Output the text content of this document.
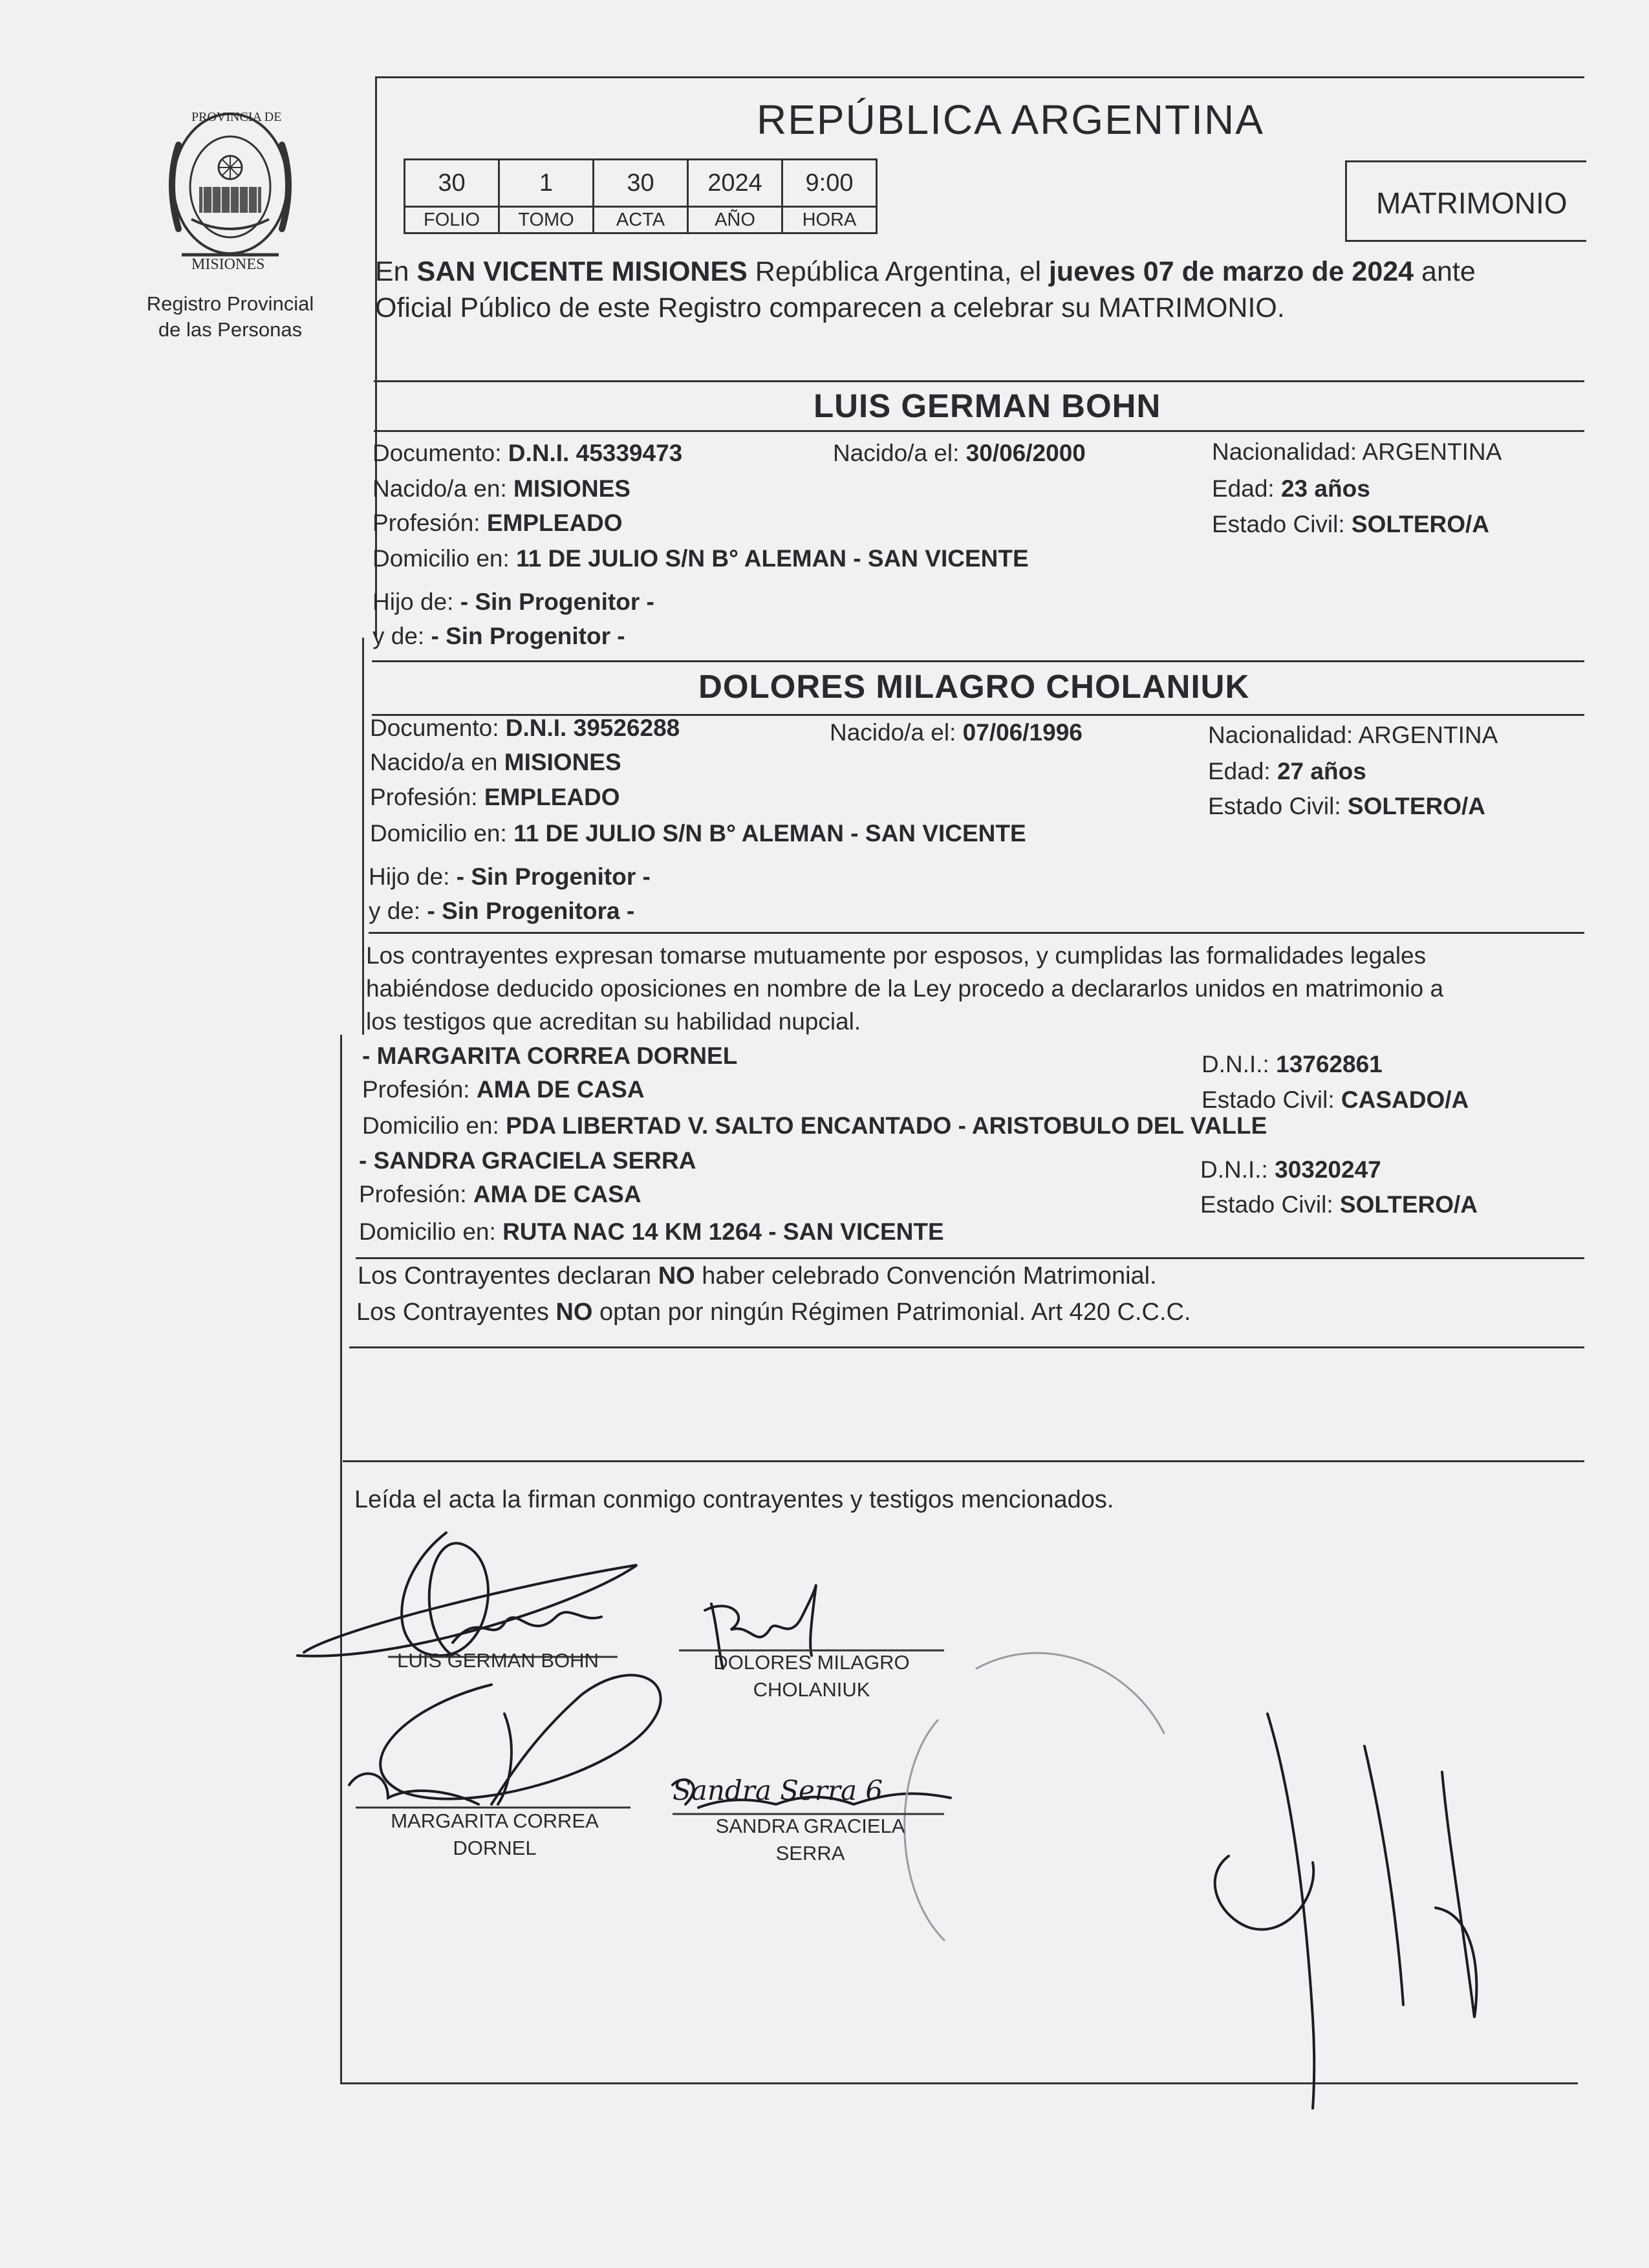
PROVINCIA DE
MISIONES
Registro Provincial
de las Personas
REPÚBLICA ARGENTINA
30	1	30	2024	9:00
FOLIO	TOMO	ACTA	AÑO	HORA	MATRIMONIO
En SAN VICENTE MISIONES República Argentina, el jueves 07 de marzo de 2024 ante
Oficial Público de este Registro comparecen a celebrar su MATRIMONIO.
LUIS GERMAN BOHN
Documento: D.N.I. 45339473	Nacido/a el: 30/06/2000	Nacionalidad: ARGENTINA
Nacido/a en: MISIONES	Edad: 23 años
Profesión: EMPLEADO	Estado Civil: SOLTERO/A
Domicilio en: 11 DE JULIO S/N B° ALEMAN - SAN VICENTE
Hijo de: - Sin Progenitor -
y de: - Sin Progenitor -
DOLORES MILAGRO CHOLANIUK
Documento: D.N.I. 39526288	Nacido/a el: 07/06/1996	Nacionalidad: ARGENTINA
Nacido/a en MISIONES	Edad: 27 años
Profesión: EMPLEADO	Estado Civil: SOLTERO/A
Domicilio en: 11 DE JULIO S/N B° ALEMAN - SAN VICENTE
Hijo de: - Sin Progenitor -
y de: - Sin Progenitora -
Los contrayentes expresan tomarse mutuamente por esposos, y cumplidas las formalidades legales
habiéndose deducido oposiciones en nombre de la Ley procedo a declararlos unidos en matrimonio a
los testigos que acreditan su habilidad nupcial.
- MARGARITA CORREA DORNEL	D.N.I.: 13762861
Profesión: AMA DE CASA	Estado Civil: CASADO/A
Domicilio en: PDA LIBERTAD V. SALTO ENCANTADO - ARISTOBULO DEL VALLE
- SANDRA GRACIELA SERRA	D.N.I.: 30320247
Profesión: AMA DE CASA	Estado Civil: SOLTERO/A
Domicilio en: RUTA NAC 14 KM 1264 - SAN VICENTE
Los Contrayentes declaran NO haber celebrado Convención Matrimonial.
Los Contrayentes NO optan por ningún Régimen Patrimonial. Art 420 C.C.C.
Leída el acta la firman conmigo contrayentes y testigos mencionados.
Sandra Serra 6
LUIS GERMAN BOHN	DOLORES MILAGRO
CHOLANIUK
MARGARITA CORREA
DORNEL
SANDRA GRACIELA
SERRA
